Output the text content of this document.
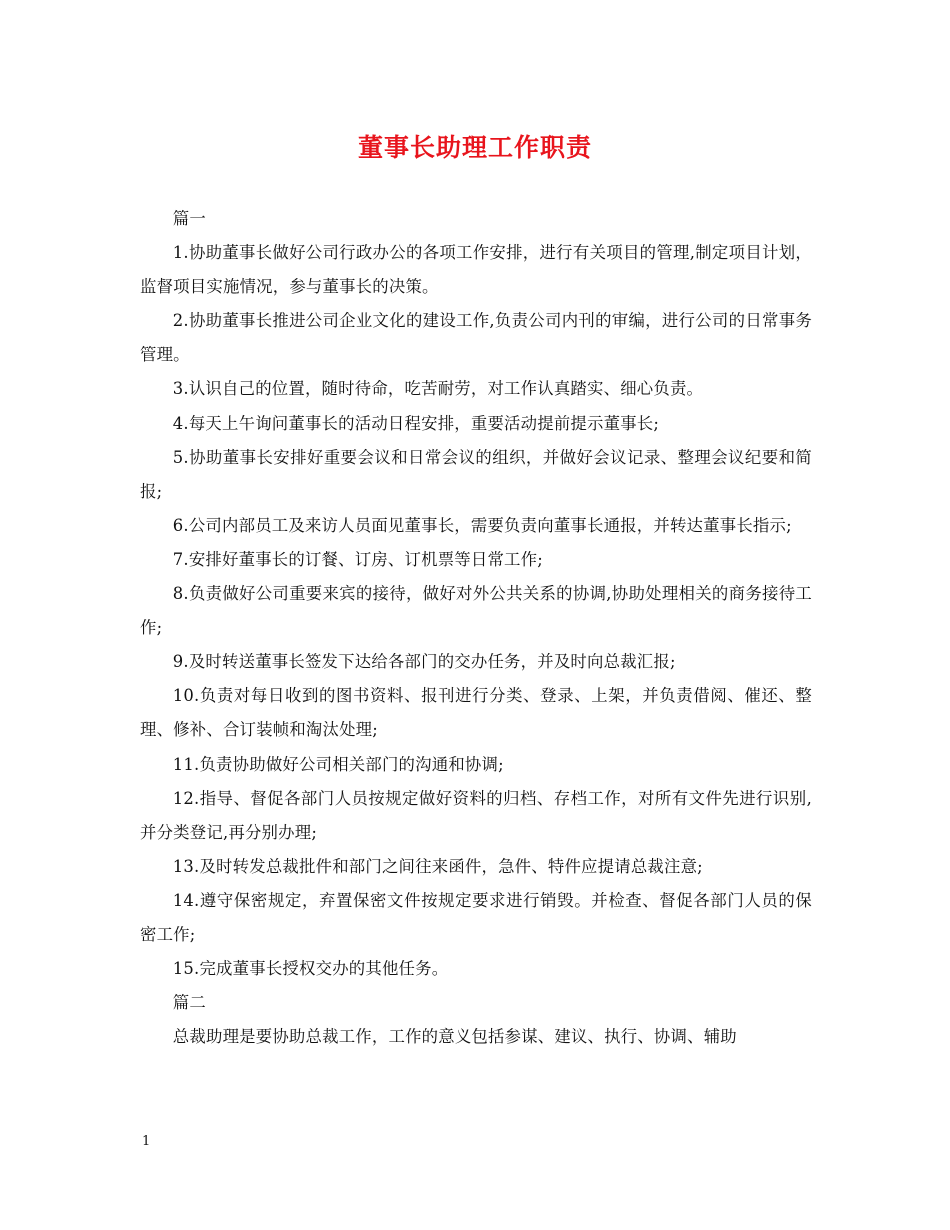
董事长助理工作职责

篇一

1.协助董事长做好公司行政办公的各项工作安排，进行有关项目的管理,制定项目计划，监督项目实施情况，参与董事长的决策。

2.协助董事长推进公司企业文化的建设工作,负责公司内刊的审编，进行公司的日常事务管理。

3.认识自己的位置，随时待命，吃苦耐劳，对工作认真踏实、细心负责。

4.每天上午询问董事长的活动日程安排，重要活动提前提示董事长;

5.协助董事长安排好重要会议和日常会议的组织，并做好会议记录、整理会议纪要和简报;

6.公司内部员工及来访人员面见董事长，需要负责向董事长通报，并转达董事长指示;

7.安排好董事长的订餐、订房、订机票等日常工作;

8.负责做好公司重要来宾的接待，做好对外公共关系的协调,协助处理相关的商务接待工作;

9.及时转送董事长签发下达给各部门的交办任务，并及时向总裁汇报;

10.负责对每日收到的图书资料、报刊进行分类、登录、上架，并负责借阅、催还、整理、修补、合订装帧和淘汰处理;

11.负责协助做好公司相关部门的沟通和协调;

12.指导、督促各部门人员按规定做好资料的归档、存档工作，对所有文件先进行识别,并分类登记,再分别办理;

13.及时转发总裁批件和部门之间往来函件，急件、特件应提请总裁注意;

14.遵守保密规定，弃置保密文件按规定要求进行销毁。并检查、督促各部门人员的保密工作;

15.完成董事长授权交办的其他任务。

篇二

总裁助理是要协助总裁工作，工作的意义包括参谋、建议、执行、协调、辅助

1
